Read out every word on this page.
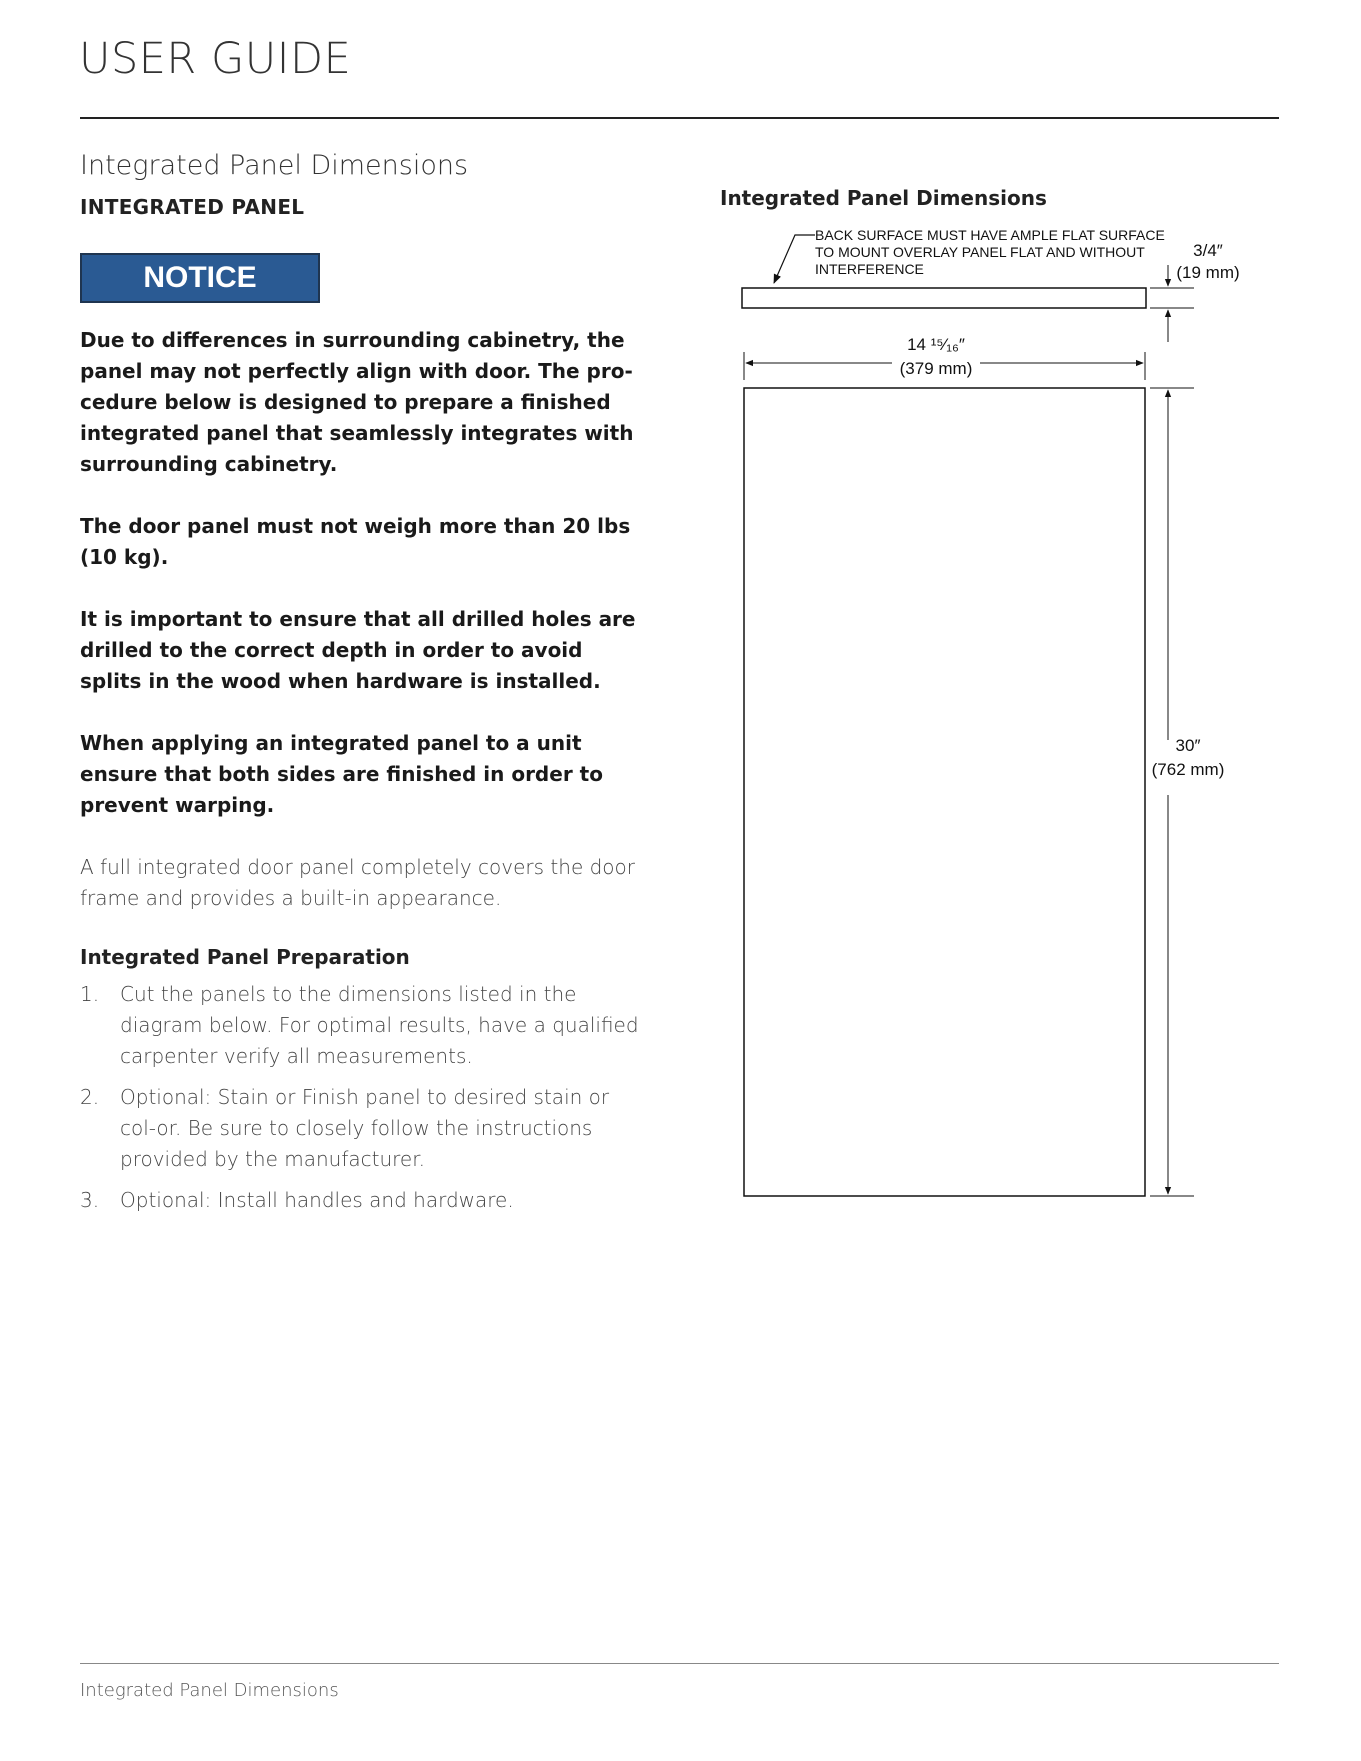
USER GUIDE
Integrated Panel Dimensions
INTEGRATED PANEL
NOTICE

Due to differences in surrounding cabinetry, the panel may not perfectly align with door. The pro-cedure below is designed to prepare a finished integrated panel that seamlessly integrates with surrounding cabinetry.

The door panel must not weigh more than 20 lbs (10 kg).

It is important to ensure that all drilled holes are drilled to the correct depth in order to avoid splits in the wood when hardware is installed.

When applying an integrated panel to a unit ensure that both sides are finished in order to prevent warping.

A full integrated door panel completely covers the door frame and provides a built-in appearance.

Integrated Panel Preparation
1. Cut the panels to the dimensions listed in the diagram below. For optimal results, have a qualified carpenter verify all measurements.
2. Optional: Stain or Finish panel to desired stain or col-or. Be sure to closely follow the instructions provided by the manufacturer.
3. Optional: Install handles and hardware.
Integrated Panel Dimensions
BACK SURFACE MUST HAVE AMPLE FLAT SURFACE TO MOUNT OVERLAY PANEL FLAT AND WITHOUT INTERFERENCE
3/4″
(19 mm)
14 ¹⁵⁄₁₆″
(379 mm)
30″
(762 mm)
Integrated Panel Dimensions
